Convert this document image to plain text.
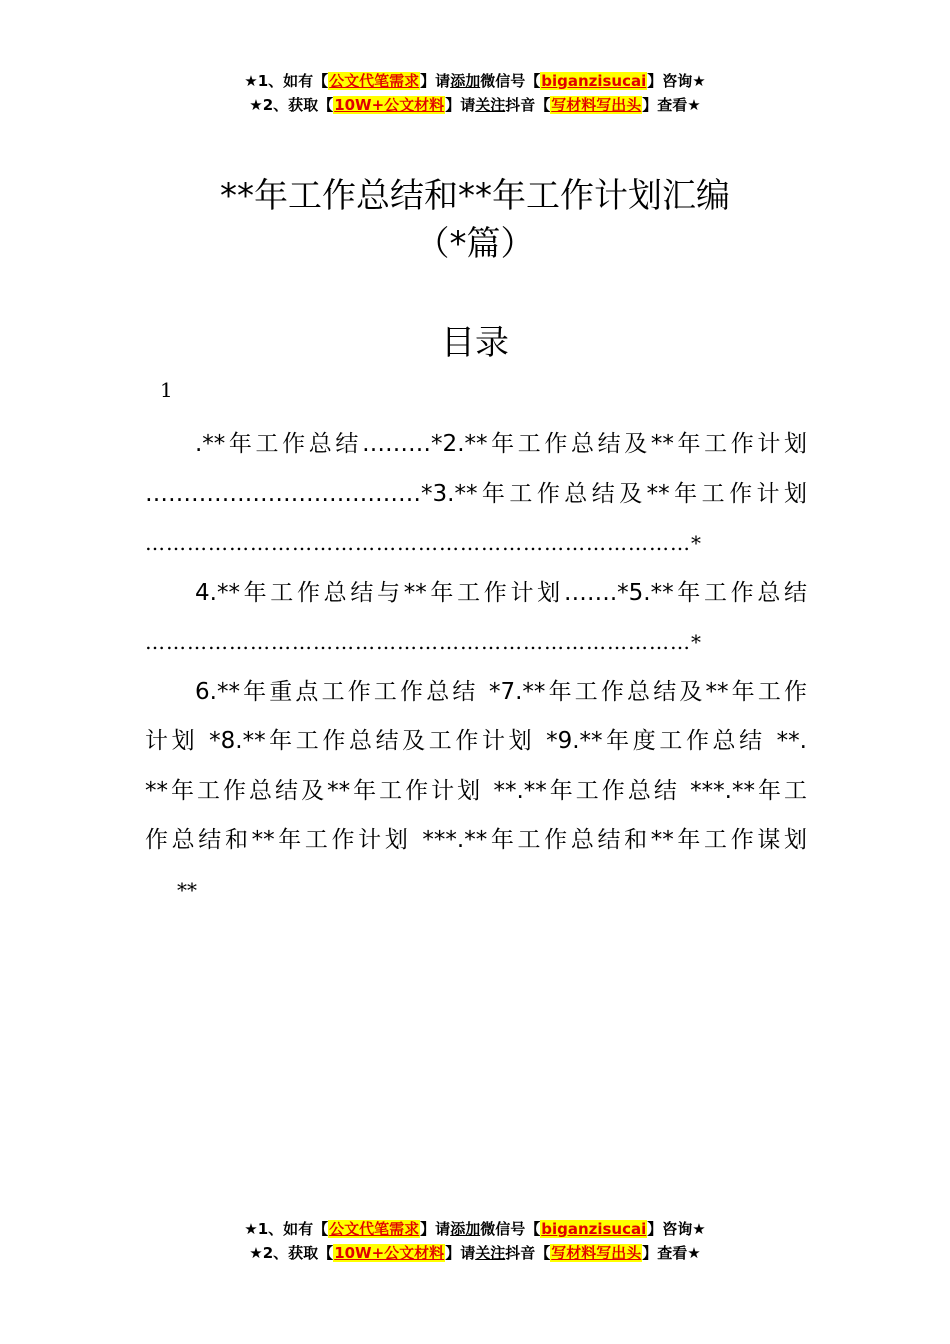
★1、如有【公文代笔需求】请添加微信号【biganzisucai】咨询★
★2、获取【10W+公文材料】请关注抖音【写材料写出头】查看★
**年工作总结和**年工作计划汇编
（*篇）
目录
1
.**年工作总结………*2.**年工作总结及**年工作计划
………………………………*3.**年工作总结及**年工作计划
……………………………………………………………………*
4.**年工作总结与**年工作计划…….*5.**年工作总结
……………………………………………………………………*
6.**年重点工作工作总结 *7.**年工作总结及**年工作
计划 *8.**年工作总结及工作计划 *9.**年度工作总结 **.
**年工作总结及**年工作计划 **.**年工作总结 ***.**年工
作总结和**年工作计划 ***.**年工作总结和**年工作谋划
**
★1、如有【公文代笔需求】请添加微信号【biganzisucai】咨询★
★2、获取【10W+公文材料】请关注抖音【写材料写出头】查看★
